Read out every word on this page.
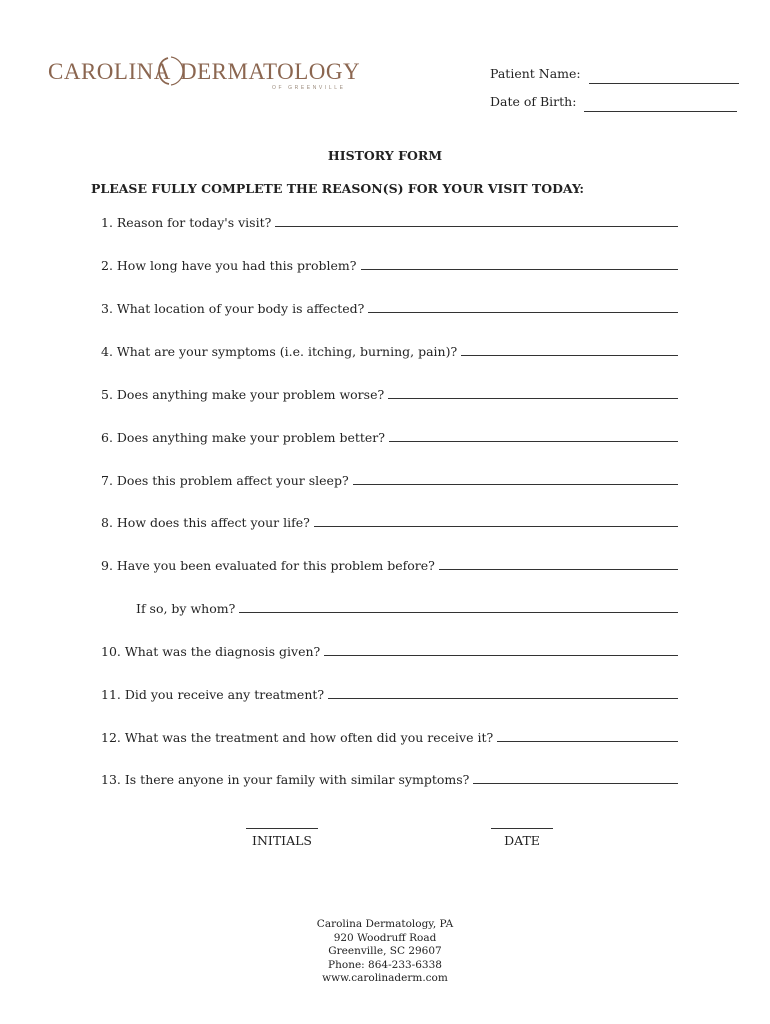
CAROLINA DERMATOLOGY
OF GREENVILLE
Patient Name:
Date of Birth:
HISTORY FORM
PLEASE FULLY COMPLETE THE REASON(S) FOR YOUR VISIT TODAY:
1. Reason for today's visit?
2. How long have you had this problem?
3. What location of your body is affected?
4. What are your symptoms (i.e. itching, burning, pain)?
5. Does anything make your problem worse?
6. Does anything make your problem better?
7. Does this problem affect your sleep?
8. How does this affect your life?
9. Have you been evaluated for this problem before?
If so, by whom?
10. What was the diagnosis given?
11. Did you receive any treatment?
12. What was the treatment and how often did you receive it?
13. Is there anyone in your family with similar symptoms?
INITIALS	DATE
Carolina Dermatology, PA
920 Woodruff Road
Greenville, SC 29607
Phone: 864-233-6338
www.carolinaderm.com
